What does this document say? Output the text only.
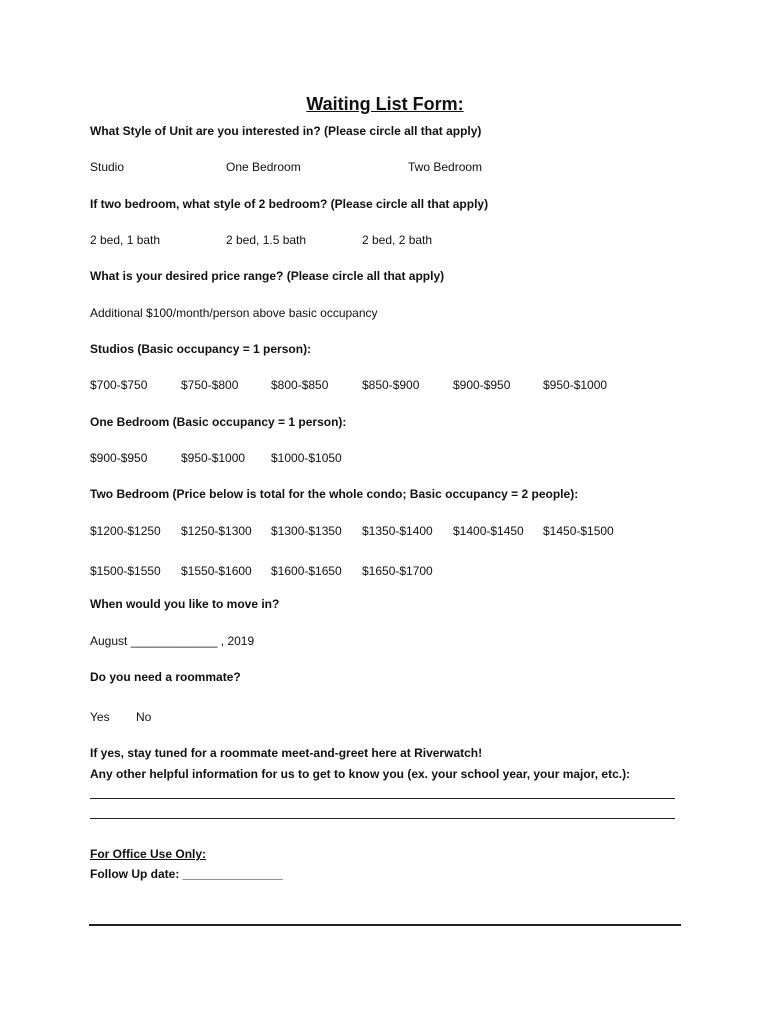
Waiting List Form:
What Style of Unit are you interested in? (Please circle all that apply)
Studio	One Bedroom	Two Bedroom
If two bedroom, what style of 2 bedroom? (Please circle all that apply)
2 bed, 1 bath	2 bed, 1.5 bath	2 bed, 2 bath
What is your desired price range? (Please circle all that apply)
Additional $100/month/person above basic occupancy
Studios (Basic occupancy = 1 person):
$700-$750	$750-$800	$800-$850	$850-$900	$900-$950	$950-$1000
One Bedroom (Basic occupancy = 1 person):
$900-$950	$950-$1000 $1000-$1050
Two Bedroom (Price below is total for the whole condo; Basic occupancy = 2 people):
$1200-$1250 $1250-$1300 $1300-$1350 $1350-$1400 $1400-$1450 $1450-$1500
$1500-$1550 $1550-$1600 $1600-$1650 $1650-$1700
When would you like to move in?
August _____________ , 2019
Do you need a roommate?
Yes No
If yes, stay tuned for a roommate meet-and-greet here at Riverwatch!
Any other helpful information for us to get to know you (ex. your school year, your major, etc.):
For Office Use Only:
Follow Up date: _______________
